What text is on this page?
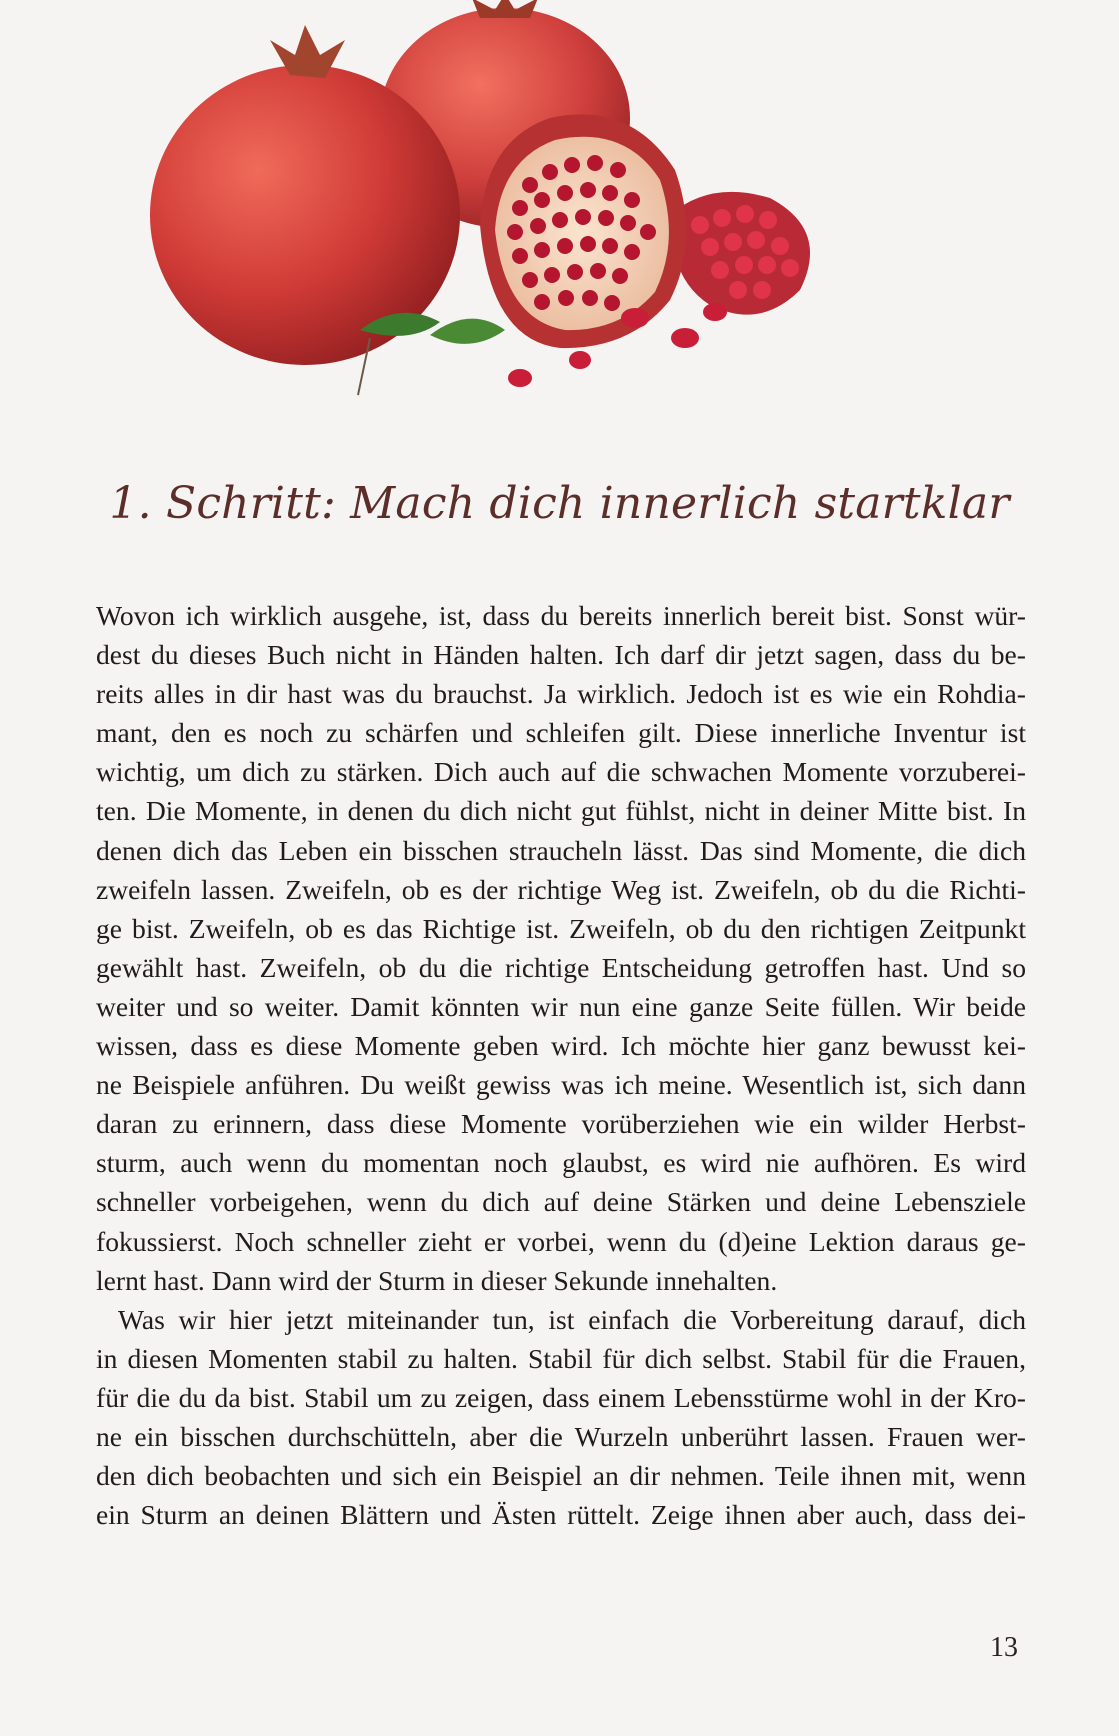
1. Schritt: Mach dich innerlich startklar

Wovon ich wirklich ausgehe, ist, dass du bereits innerlich bereit bist. Sonst wür-
dest du dieses Buch nicht in Händen halten. Ich darf dir jetzt sagen, dass du be-
reits alles in dir hast was du brauchst. Ja wirklich. Jedoch ist es wie ein Rohdia-
mant, den es noch zu schärfen und schleifen gilt. Diese innerliche Inventur ist
wichtig, um dich zu stärken. Dich auch auf die schwachen Momente vorzuberei-
ten. Die Momente, in denen du dich nicht gut fühlst, nicht in deiner Mitte bist. In
denen dich das Leben ein bisschen straucheln lässt. Das sind Momente, die dich
zweifeln lassen. Zweifeln, ob es der richtige Weg ist. Zweifeln, ob du die Richti-
ge bist. Zweifeln, ob es das Richtige ist. Zweifeln, ob du den richtigen Zeitpunkt
gewählt hast. Zweifeln, ob du die richtige Entscheidung getroffen hast. Und so
weiter und so weiter. Damit könnten wir nun eine ganze Seite füllen. Wir beide
wissen, dass es diese Momente geben wird. Ich möchte hier ganz bewusst kei-
ne Beispiele anführen. Du weißt gewiss was ich meine. Wesentlich ist, sich dann
daran zu erinnern, dass diese Momente vorüberziehen wie ein wilder Herbst-
sturm, auch wenn du momentan noch glaubst, es wird nie aufhören. Es wird
schneller vorbeigehen, wenn du dich auf deine Stärken und deine Lebensziele
fokussierst. Noch schneller zieht er vorbei, wenn du (d)eine Lektion daraus ge-
lernt hast. Dann wird der Sturm in dieser Sekunde innehalten.

Was wir hier jetzt miteinander tun, ist einfach die Vorbereitung darauf, dich
in diesen Momenten stabil zu halten. Stabil für dich selbst. Stabil für die Frauen,
für die du da bist. Stabil um zu zeigen, dass einem Lebensstürme wohl in der Kro-
ne ein bisschen durchschütteln, aber die Wurzeln unberührt lassen. Frauen wer-
den dich beobachten und sich ein Beispiel an dir nehmen. Teile ihnen mit, wenn
ein Sturm an deinen Blättern und Ästen rüttelt. Zeige ihnen aber auch, dass dei-

13
